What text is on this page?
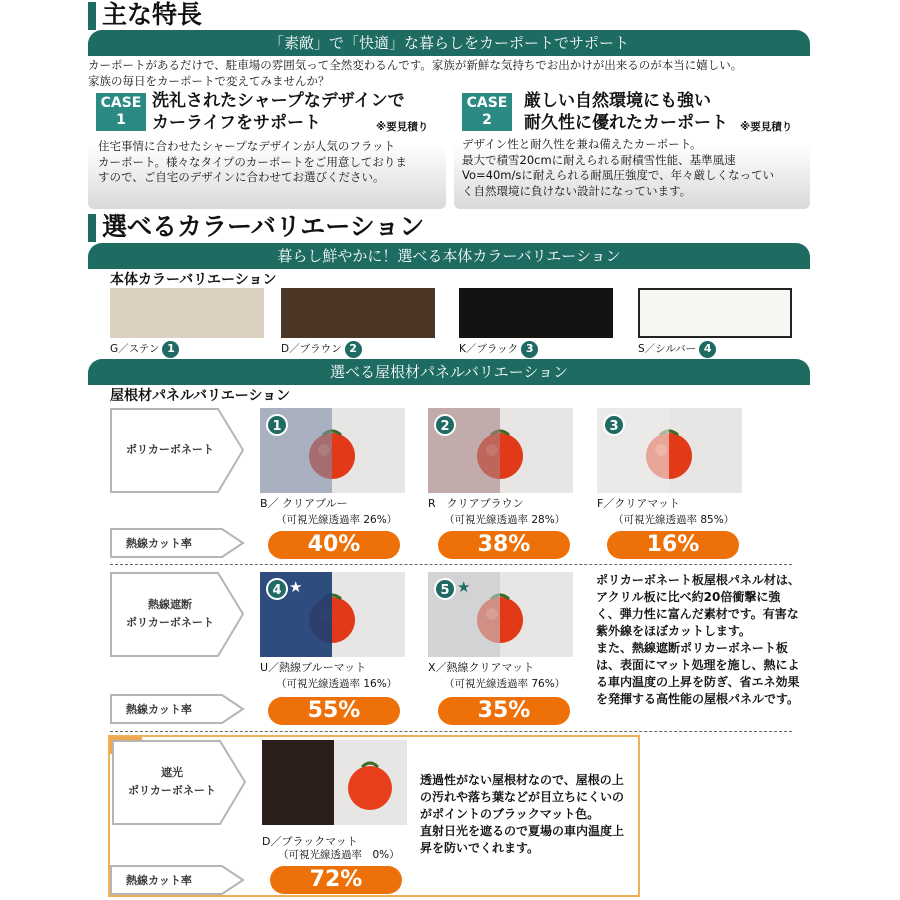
主な特長
「素敵」で「快適」な暮らしをカーポートでサポート
カーポートがあるだけで、駐車場の雰囲気って全然変わるんです。家族が新鮮な気持ちでお出かけが出来るのが本当に嬉しい。
家族の毎日をカーポートで変えてみませんか？
CASE
1
洗礼されたシャープなデザインで
カーライフをサポート	※要見積り
住宅事情に合わせたシャープなデザインが人気のフラット
カーポート。様々なタイプのカーポートをご用意しておりま
すので、ご自宅のデザインに合わせてお選びください。
CASE
2
厳しい自然環境にも強い
耐久性に優れたカーポート ※要見積り
デザイン性と耐久性を兼ね備えたカーポート。
最大で積雪20cmに耐えられる耐積雪性能、基準風速
Vo=40m/sに耐えられる耐風圧強度で、年々厳しくなってい
く自然環境に負けない設計になっています。
選べるカラーバリエーション
暮らし鮮やかに！選べる本体カラーバリエーション
本体カラーバリエーション
G／ステン 1	D／ブラウン 2	K／ブラック 3	S／シルバー 4
選べる屋根材パネルバリエーション
屋根材パネルバリエーション
ポリカーボネート
1	2	3
B／ クリアブルー
（可視光線透過率 26%）
R　クリアブラウン
（可視光線透過率 28%）
F／クリアマット
（可視光線透過率 85%）
熱線カット率	40%	38%	16%
熱線遮断
ポリカーボネート
4 ★	5 ★
U／熱線ブルーマット
（可視光線透過率 16%）
X／熱線クリアマット
（可視光線透過率 76%）
ポリカーボネート板屋根パネル材は、
アクリル板に比べ約20倍衝撃に強
く、弾力性に富んだ素材です。有害な
紫外線をほぼカットします。
また、熱線遮断ポリカーボネート板
は、表面にマット処理を施し、熱によ
る車内温度の上昇を防ぎ、省エネ効果
を発揮する高性能の屋根パネルです。
熱線カット率	55%	35%
遮光
ポリカーボネート
D／ブラックマット
（可視光線透過率　0%）
透過性がない屋根材なので、屋根の上
の汚れや落ち葉などが目立ちにくいの
がポイントのブラックマット色。
直射日光を遮るので夏場の車内温度上
昇を防いでくれます。
熱線カット率	72%
